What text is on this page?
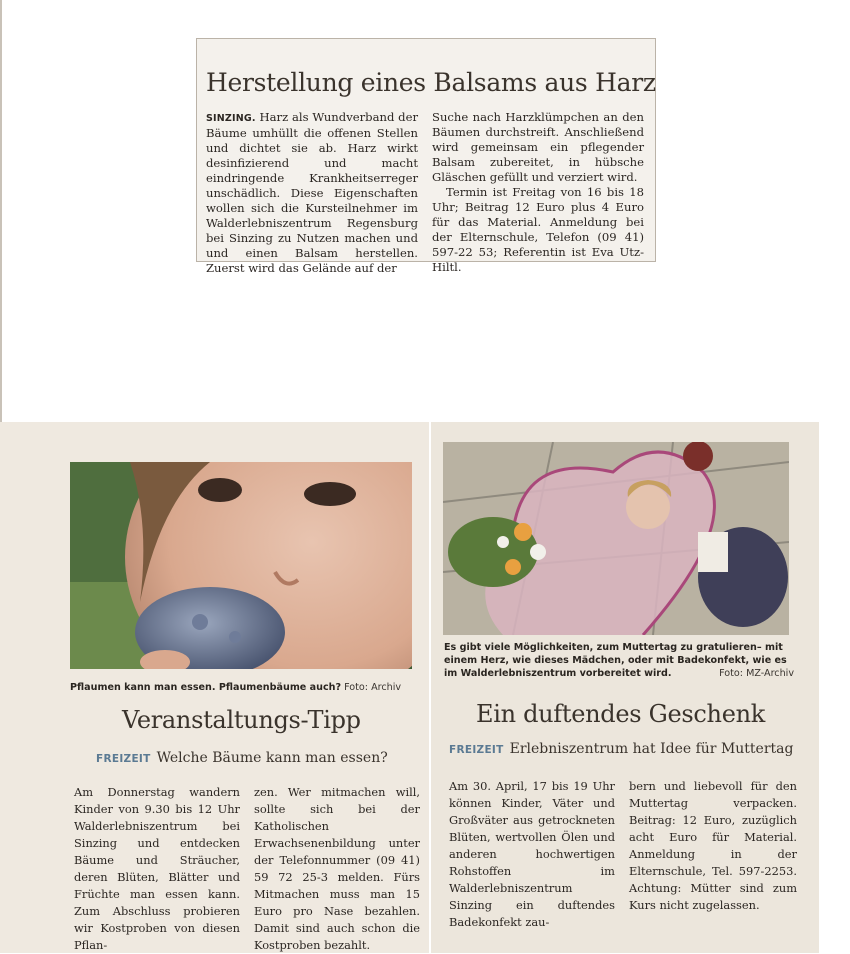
Herstellung eines Balsams aus Harz

SINZING. Harz als Wundverband der Bäume umhüllt die offenen Stellen und dichtet sie ab. Harz wirkt desinfizierend und macht eindringende Krankheitserreger unschädlich. Diese Eigenschaften wollen sich die Kursteilnehmer im Walderlebniszentrum Regensburg bei Sinzing zu Nutzen machen und und einen Balsam herstellen. Zuerst wird das Gelände auf der

Suche nach Harzklümpchen an den Bäumen durchstreift. Anschließend wird gemeinsam ein pflegender Balsam zubereitet, in hübsche Gläschen gefüllt und verziert wird.

Termin ist Freitag von 16 bis 18 Uhr; Beitrag 12 Euro plus 4 Euro für das Material. Anmeldung bei der Elternschule, Telefon (09 41) 597-22 53; Referentin ist Eva Utz-Hiltl.

Pflaumen kann man essen. Pflaumenbäume auch? Foto: Archiv
Veranstaltungs-Tipp
FREIZEIT Welche Bäume kann man essen?

Am Donnerstag wandern Kinder von 9.30 bis 12 Uhr Walderlebniszentrum bei Sinzing und entdecken Bäume und Sträucher, deren Blüten, Blätter und Früchte man essen kann. Zum Abschluss probieren wir Kostproben von diesen Pflan-

zen. Wer mitmachen will, sollte sich bei der Katholischen Erwachsenenbildung unter der Telefonnummer (09 41) 59 72 25-3 melden. Fürs Mitmachen muss man 15 Euro pro Nase bezahlen. Damit sind auch schon die Kostproben bezahlt.

Es gibt viele Möglichkeiten, zum Muttertag zu gratulieren– mit einem Herz, wie dieses Mädchen, oder mit Badekonfekt, wie es im Walderlebniszentrum vorbereitet wird.	Foto: MZ-Archiv
Ein duftendes Geschenk
FREIZEIT Erlebniszentrum hat Idee für Muttertag

Am 30. April, 17 bis 19 Uhr können Kinder, Väter und Großväter aus getrockneten Blüten, wertvollen Ölen und anderen hochwertigen Rohstoffen im Walderlebniszentrum Sinzing ein duftendes Badekonfekt zau-

bern und liebevoll für den Muttertag verpacken. Beitrag: 12 Euro, zuzüglich acht Euro für Material. Anmeldung in der Elternschule, Tel. 597-2253. Achtung: Mütter sind zum Kurs nicht zugelassen.
